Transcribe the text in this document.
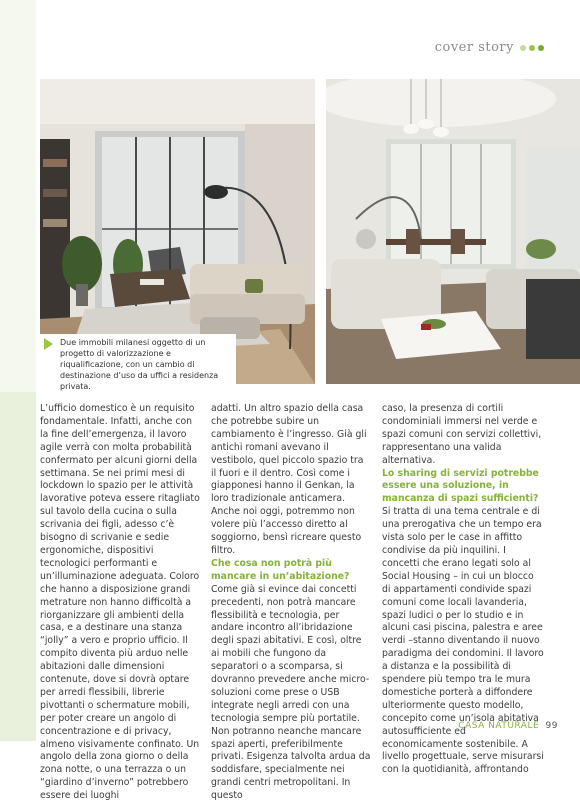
cover story
Due immobili milanesi oggetto di un progetto di valorizzazione e riqualificazione, con un cambio di destinazione d’uso da uffici a residenza privata.

L’ufficio domestico è un requisito fondamentale. Infatti, anche con la fine dell’emergenza, il lavoro agile verrà con molta probabilità confermato per alcuni giorni della settimana. Se nei primi mesi di lockdown lo spazio per le attività lavorative poteva essere ritagliato sul tavolo della cucina o sulla scrivania dei figli, adesso c’è bisogno di scrivanie e sedie ergonomiche, dispositivi tecnologici performanti e un’illuminazione adeguata. Coloro che hanno a disposizione grandi metrature non hanno difficoltà a riorganizzare gli ambienti della casa, e a destinare una stanza “jolly” a vero e proprio ufficio. Il compito diventa più arduo nelle abitazioni dalle dimensioni contenute, dove si dovrà optare per arredi flessibili, librerie pivottanti o schermature mobili, per poter creare un angolo di concentrazione e di privacy, almeno visivamente confinato. Un angolo della zona giorno o della zona notte, o una terrazza o un “giardino d’inverno” potrebbero essere dei luoghi

adatti. Un altro spazio della casa che potrebbe subire un cambiamento è l’ingresso. Già gli antichi romani avevano il vestibolo, quel piccolo spazio tra il fuori e il dentro. Così come i giapponesi hanno il Genkan, la loro tradizionale anticamera. Anche noi oggi, potremmo non volere più l’accesso diretto al soggiorno, bensì ricreare questo filtro.

Che cosa non potrà più mancare in un’abitazione?

Come già si evince dai concetti precedenti, non potrà mancare flessibilità e tecnologia, per andare incontro all’ibridazione degli spazi abitativi. E così, oltre ai mobili che fungono da separatori o a scomparsa, si dovranno prevedere anche micro-soluzioni come prese o USB integrate negli arredi con una tecnologia sempre più portatile. Non potranno neanche mancare spazi aperti, preferibilmente privati. Esigenza talvolta ardua da soddisfare, specialmente nei grandi centri metropolitani. In questo

caso, la presenza di cortili condominiali immersi nel verde e spazi comuni con servizi collettivi, rappresentano una valida alternativa.

Lo sharing di servizi potrebbe essere una soluzione, in mancanza di spazi sufficienti?

Si tratta di una tema centrale e di una prerogativa che un tempo era vista solo per le case in affitto condivise da più inquilini. I concetti che erano legati solo al Social Housing – in cui un blocco di appartamenti condivide spazi comuni come locali lavanderia, spazi ludici o per lo studio e in alcuni casi piscina, palestra e aree verdi –stanno diventando il nuovo paradigma dei condomini. Il lavoro a distanza e la possibilità di spendere più tempo tra le mura domestiche porterà a diffondere ulteriormente questo modello, concepito come un’isola abitativa autosufficiente ed economicamente sostenibile. A livello progettuale, serve misurarsi con la quotidianità, affrontando

CASA NATURALE 99
